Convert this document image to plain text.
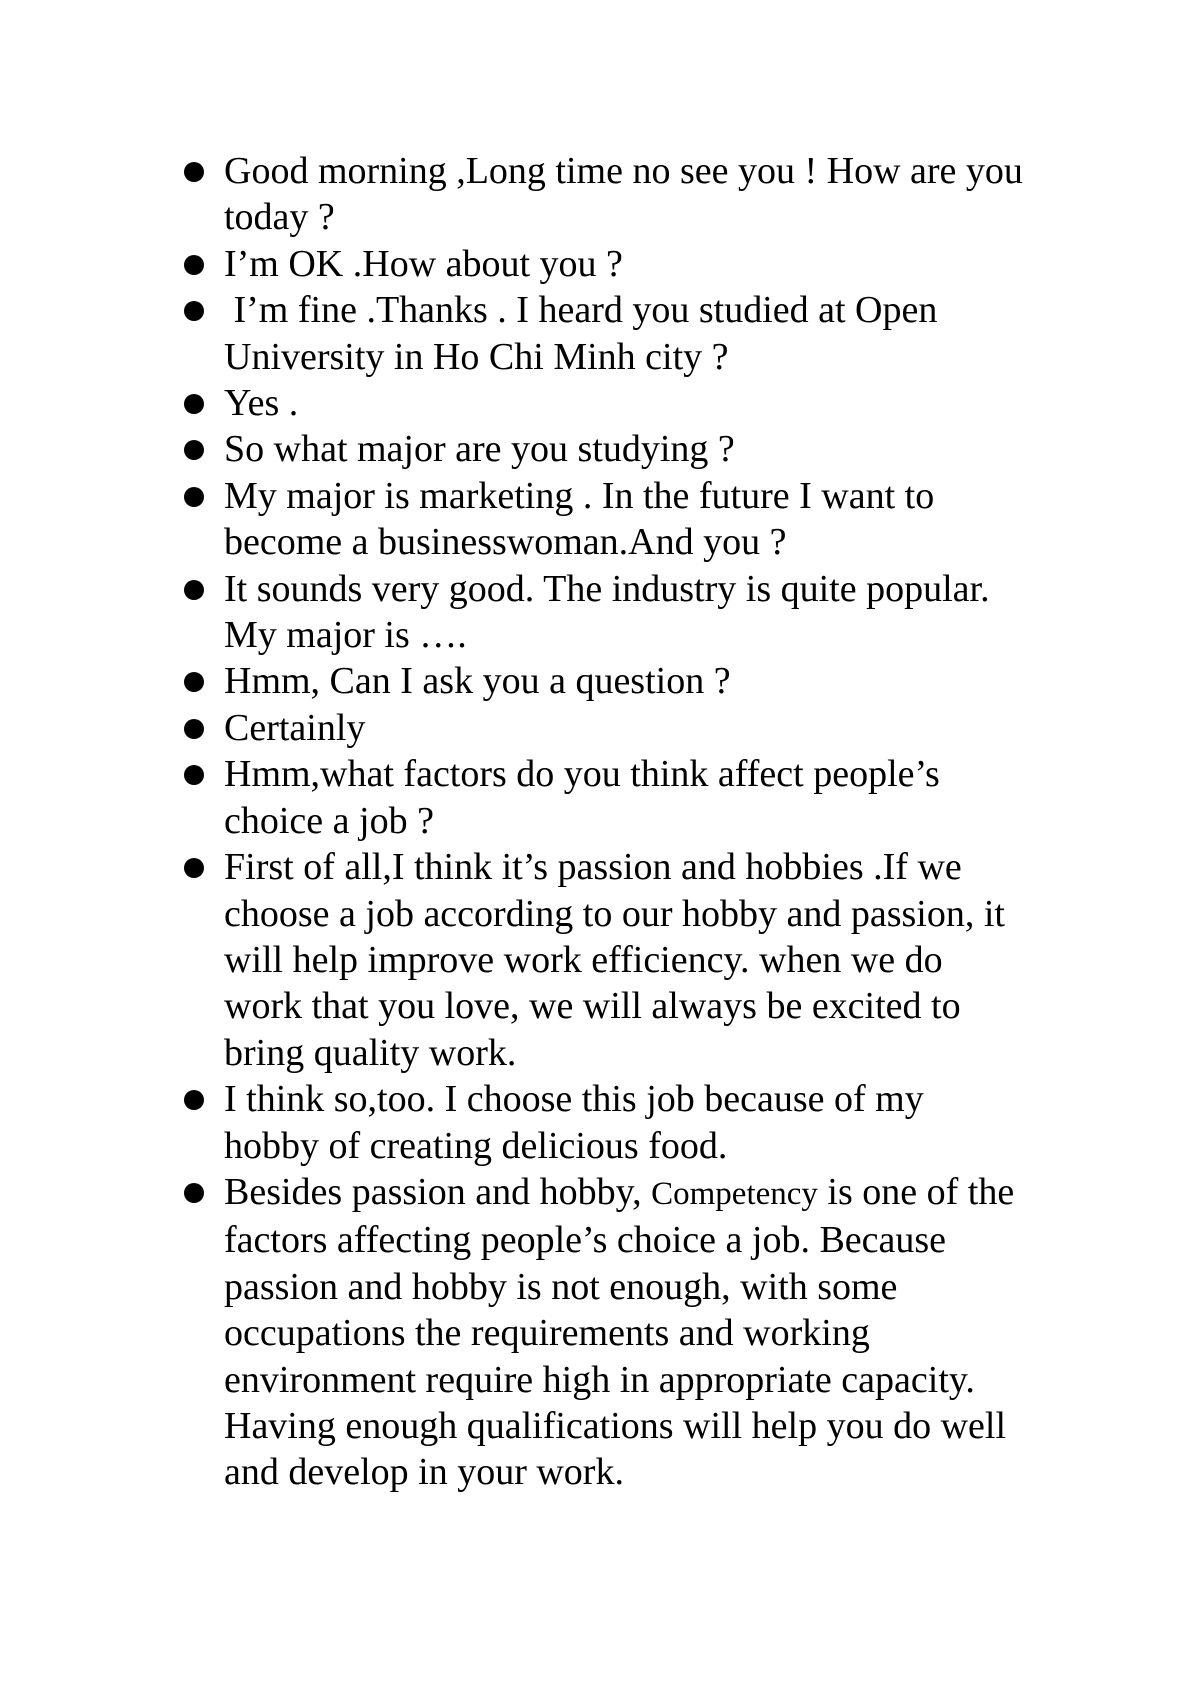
Good morning ,Long time no see you ! How are you today ?
I’m OK .How about you ?
I’m fine .Thanks . I heard you studied at Open University in Ho Chi Minh city ?
Yes .
So what major are you studying ?
My major is marketing . In the future I want to become a businesswoman.And you ?
It sounds very good. The industry is quite popular. My major is ….
Hmm, Can I ask you a question ?
Certainly
Hmm,what factors do you think affect people’s choice a job ?
First of all,I think it’s passion and hobbies .If we choose a job according to our hobby and passion, it will help improve work efficiency. when we do work that you love, we will always be excited to bring quality work.
I think so,too. I choose this job because of my hobby of creating delicious food.
Besides passion and hobby, Competency is one of the factors affecting people’s choice a job. Because passion and hobby is not enough, with some occupations the requirements and working environment require high in appropriate capacity. Having enough qualifications will help you do well and develop in your work.
